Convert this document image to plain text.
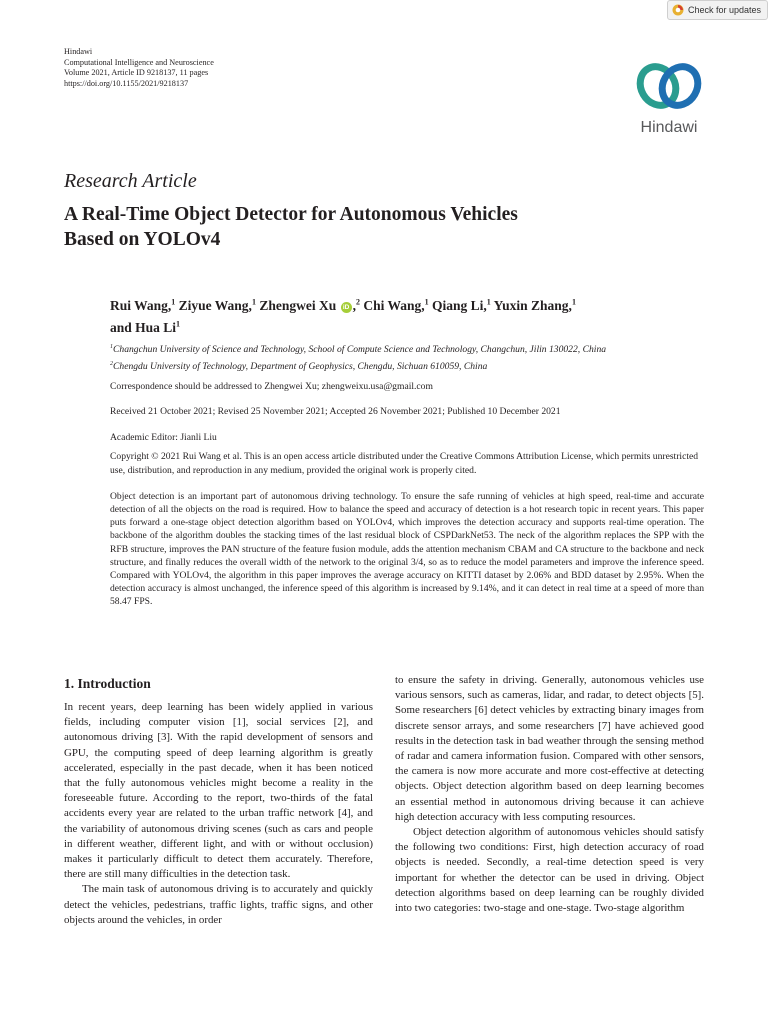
Check for updates
Hindawi
Computational Intelligence and Neuroscience
Volume 2021, Article ID 9218137, 11 pages
https://doi.org/10.1155/2021/9218137
Hindawi
Research Article
A Real-Time Object Detector for Autonomous Vehicles
Based on YOLOv4
Rui Wang,$^1$ Ziyue Wang,$^1$ Zhengwei Xu iD ,$^2$ Chi Wang,$^1$ Qiang Li,$^1$ Yuxin Zhang,$^1$
and Hua Li$^1$
$^1$Changchun University of Science and Technology, School of Compute Science and Technology, Changchun, Jilin 130022, China
$^2$Chengdu University of Technology, Department of Geophysics, Chengdu, Sichuan 610059, China
Correspondence should be addressed to Zhengwei Xu; zhengweixu.usa@gmail.com
Received 21 October 2021; Revised 25 November 2021; Accepted 26 November 2021; Published 10 December 2021
Academic Editor: Jianli Liu
Copyright © 2021 Rui Wang et al. This is an open access article distributed under the Creative Commons Attribution License, which permits unrestricted use, distribution, and reproduction in any medium, provided the original work is properly cited.

Object detection is an important part of autonomous driving technology. To ensure the safe running of vehicles at high speed, real-time and accurate detection of all the objects on the road is required. How to balance the speed and accuracy of detection is a hot research topic in recent years. This paper puts forward a one-stage object detection algorithm based on YOLOv4, which improves the detection accuracy and supports real-time operation. The backbone of the algorithm doubles the stacking times of the last residual block of CSPDarkNet53. The neck of the algorithm replaces the SPP with the RFB structure, improves the PAN structure of the feature fusion module, adds the attention mechanism CBAM and CA structure to the backbone and neck structure, and finally reduces the overall width of the network to the original 3/4, so as to reduce the model parameters and improve the inference speed. Compared with YOLOv4, the algorithm in this paper improves the average accuracy on KITTI dataset by 2.06% and BDD dataset by 2.95%. When the detection accuracy is almost unchanged, the inference speed of this algorithm is increased by 9.14%, and it can detect in real time at a speed of more than 58.47 FPS.

1. Introduction

In recent years, deep learning has been widely applied in various fields, including computer vision [1], social services [2], and autonomous driving [3]. With the rapid development of sensors and GPU, the computing speed of deep learning algorithm is greatly accelerated, especially in the past decade, when it has been noticed that the fully autonomous vehicles might become a reality in the foreseeable future. According to the report, two-thirds of the fatal accidents every year are related to the urban traffic network [4], and the variability of autonomous driving scenes (such as cars and people in different weather, different light, and with or without occlusion) makes it particularly difficult to detect them accurately. Therefore, there are still many difficulties in the detection task.

The main task of autonomous driving is to accurately and quickly detect the vehicles, pedestrians, traffic lights, traffic signs, and other objects around the vehicles, in order

to ensure the safety in driving. Generally, autonomous vehicles use various sensors, such as cameras, lidar, and radar, to detect objects [5]. Some researchers [6] detect vehicles by extracting binary images from discrete sensor arrays, and some researchers [7] have achieved good results in the detection task in bad weather through the sensing method of radar and camera information fusion. Compared with other sensors, the camera is now more accurate and more cost-effective at detecting objects. Object detection algorithm based on deep learning becomes an essential method in autonomous driving because it can achieve high detection accuracy with less computing resources.

Object detection algorithm of autonomous vehicles should satisfy the following two conditions: First, high detection accuracy of road objects is needed. Secondly, a real-time detection speed is very important for whether the detector can be used in driving. Object detection algorithms based on deep learning can be roughly divided into two categories: two-stage and one-stage. Two-stage algorithm
